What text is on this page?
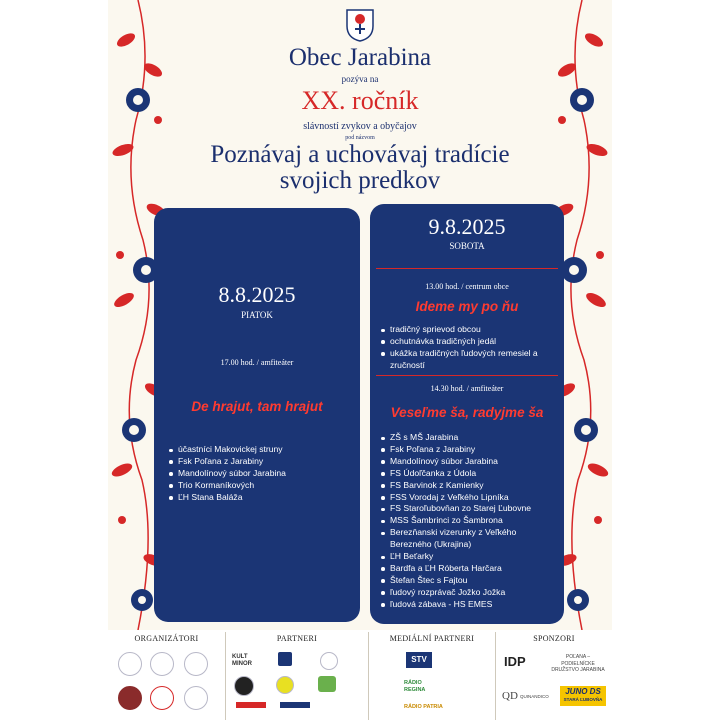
Obec Jarabina
pozýva na
XX. ročník
slávností zvykov a obyčajov
pod názvom
Poznávaj a uchovávaj tradície
svojich predkov
8.8.2025
PIATOK
17.00 hod. / amfiteáter
De hrajut, tam hrajut
účastníci Makovickej struny
Fsk Poľana z Jarabiny
Mandolínový súbor Jarabina
Trio Kormaníkových
ĽH Stana Baláža
9.8.2025
SOBOTA
13.00 hod. / centrum obce
Ideme my po ňu
tradičný sprievod obcou
ochutnávka tradičných jedál
ukážka tradičných ľudových remesiel a zručností
14.30 hod. / amfiteáter
Veseľme ša, radyjme ša
ZŠ s MŠ Jarabina
Fsk Poľana z Jarabiny
Mandolínový súbor Jarabina
FS Údoľčanka z Údola
FS Barvinok z Kamienky
FSS Vorodaj z Veľkého Lipníka
FS Staroľubovňan zo Starej Ľubovne
MSS Šambrinci zo Šambrona
Berezňanski vizerunky z Veľkého Berezného (Ukrajina)
ĽH Beťarky
Bardfa a ĽH Róberta Harčara
Štefan Štec s Fajtou
ľudový rozprávač Jožko Jožka
ľudová zábava - HS EMES
ORGANIZÁTORI	PARTNERI	MEDIÁLNÍ PARTNERI	SPONZORI
KULT MINOR	STV
RÁDIO REGINA
RÁDIO PATRIA
IDP	POĽANA –
PODIELNÍCKE
DRUŽSTVO JARABINA
QD QUINANDICO
JUNO DS
STARÁ ĽUBOVŇA
